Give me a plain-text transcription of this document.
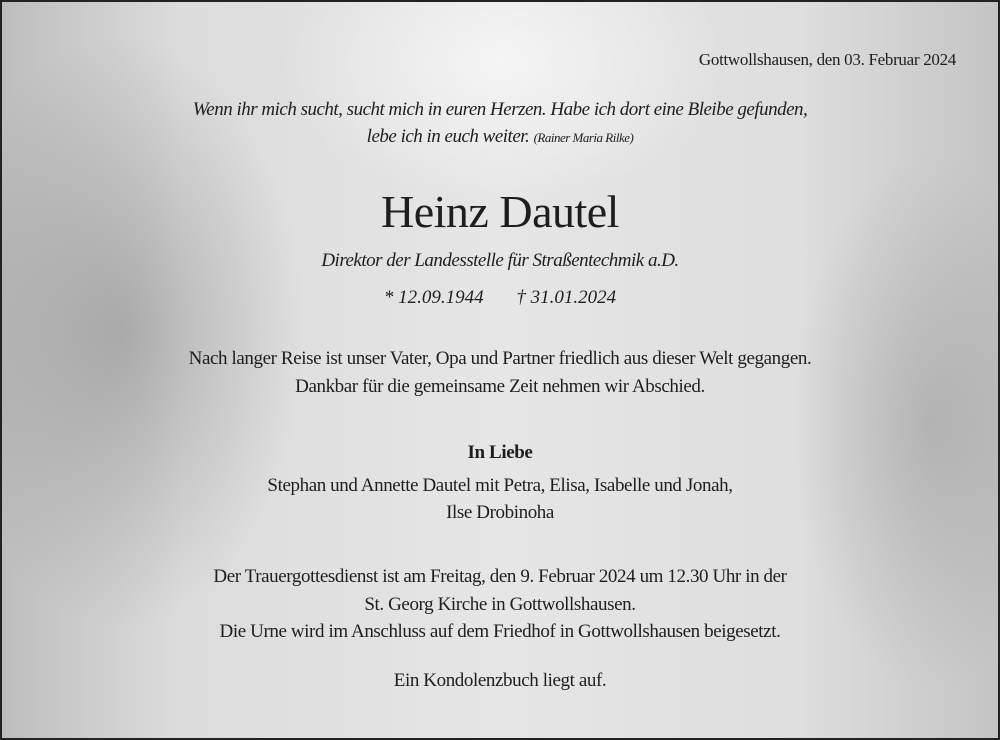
Gottwollshausen, den 03. Februar 2024
Wenn ihr mich sucht, sucht mich in euren Herzen. Habe ich dort eine Bleibe gefunden,
lebe ich in euch weiter. (Rainer Maria Rilke)
Heinz Dautel
Direktor der Landesstelle für Straßentechmik a.D.
* 12.09.1944 † 31.01.2024
Nach langer Reise ist unser Vater, Opa und Partner friedlich aus dieser Welt gegangen.
Dankbar für die gemeinsame Zeit nehmen wir Abschied.
In Liebe
Stephan und Annette Dautel mit Petra, Elisa, Isabelle und Jonah,
Ilse Drobinoha
Der Trauergottesdienst ist am Freitag, den 9. Februar 2024 um 12.30 Uhr in der
St. Georg Kirche in Gottwollshausen.
Die Urne wird im Anschluss auf dem Friedhof in Gottwollshausen beigesetzt.
Ein Kondolenzbuch liegt auf.
